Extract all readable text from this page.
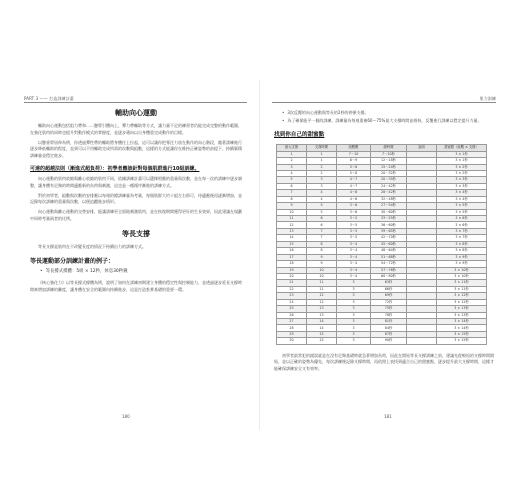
PART 3 —— 打造訓練計畫	肌力訓練
輔助向心運動

輔助向心運動包括阻力帶和……懸臂引體向上、彈力帶輔助等方式，讓力量不足的練習者仍能完成完整的動作範圍，在強化肌肉的同時也提升對動作模式的掌握度，並逐步邁向以自身體重完成動作的目標。

以懸垂臂屈伸為例，你透過彈性帶的輔助將身體往上拉起，這可以讓你把專注力放在動作的向心階段，隨著訓練進行逐步降低輔助的程度，直到可以不用輔助完成所需的次數與組數，這樣的方式能讓你在維持正確姿勢的前提下，持續累積訓練量並穩定進步。

可達的超越法則（漸進式超負荷）：初學者應該針對每個肌群進行10組訓練。

向心運動的肌肉收縮與離心收縮的肌肉不同，依據訓練計畫可以選擇相應的重量與次數，並在每一次的訓練中逐步調整，讓身體有足夠的時間適應新的負荷與刺激，這也是一種循序漸進的訓練方式。

對於初學者，組數與次數的安排應以每週的總訓練量為考量，每個肌群大約十組左右即可，待適應後再逐漸增加，並記錄每次訓練的重量與次數，以便追蹤進步情形。

向心運動與離心運動的交替安排，能讓訓練更全面地刺激肌肉，並在恢復期間獲得更好的生長效果，因此建議在規劃中同時考量兩者的比例。

等長支撐

等長支撐是肌肉在不改變長度的情況下持續出力的訓練方式。

等長運動部分訓練計畫的例子：
• 等長撐式撐體：5組 × 12秒，休息30秒鐘

《核心強化力》以等長撐式撐體為例，說明了如何在訓練初期建立身體的穩定性與控制能力，並透過逐步延長支撐時間來增加訓練的難度，讓身體在安全的範圍內持續進步，這是打造紮實基礎的重要一環。

180
• 3次反覆的向心運動與等長的2秒的停頓支撐。
• 為了確保能平一個的訓練，訓練量為每週重複60～75%最大支撐時間並維持，反覆進行訓練以穩定提升力量。
找到你自己的甜蜜點
最大支撐	支撐時間	組數數	總時間	說明	甜蜜點（組數 × 支撐）
1	1	7～10	7～10秒		3 × 1秒
2	1	6～9	12～18秒		3 × 1秒
3	2	5～8	15～24秒		3 × 2秒
4	2	5～8	20～32秒		3 × 2秒
5	3	4～7	20～35秒		3 × 3秒
6	3	4～7	24～42秒		3 × 3秒
7	4	4～6	28～42秒		3 × 4秒
8	4	4～6	32～48秒		3 × 4秒
9	5	3～6	27～54秒		3 × 5秒
10	5	3～6	30～60秒		3 × 5秒
11	6	3～5	33～55秒		3 × 6秒
12	6	3～5	36～60秒		3 × 6秒
13	7	3～5	39～65秒		3 × 7秒
14	7	3～5	42～70秒		3 × 7秒
15	8	3～4	45～60秒		3 × 8秒
16	8	3～4	48～64秒		3 × 8秒
17	9	3～4	51～68秒		3 × 9秒
18	9	3～4	54～72秒		3 × 9秒
19	10	3～4	57～76秒		3 × 10秒
20	10	3～4	60～80秒		3 × 10秒
21	11	3	63秒		3 × 11秒
22	11	3	66秒		3 × 11秒
23	12	3	69秒		3 × 12秒
24	12	3	72秒		3 × 12秒
25	13	3	75秒		3 × 13秒
26	13	3	78秒		3 × 13秒
27	14	3	81秒		3 × 14秒
28	14	3	84秒		3 × 14秒
29	15	3	87秒		3 × 15秒
30	15	3	90秒		3 × 15秒

初學者最常犯的錯誤就是在沒有足夠基礎時就急著增加負荷，因此在開始等長支撐訓練之前，建議先從較短的支撐時間開始，並以正確的姿勢為優先，每次訓練後記錄支撐時間，再依照上表找到適合自己的甜蜜點，逐步提升最大支撐時間，這樣才能確保訓練安全又有效率。

181
